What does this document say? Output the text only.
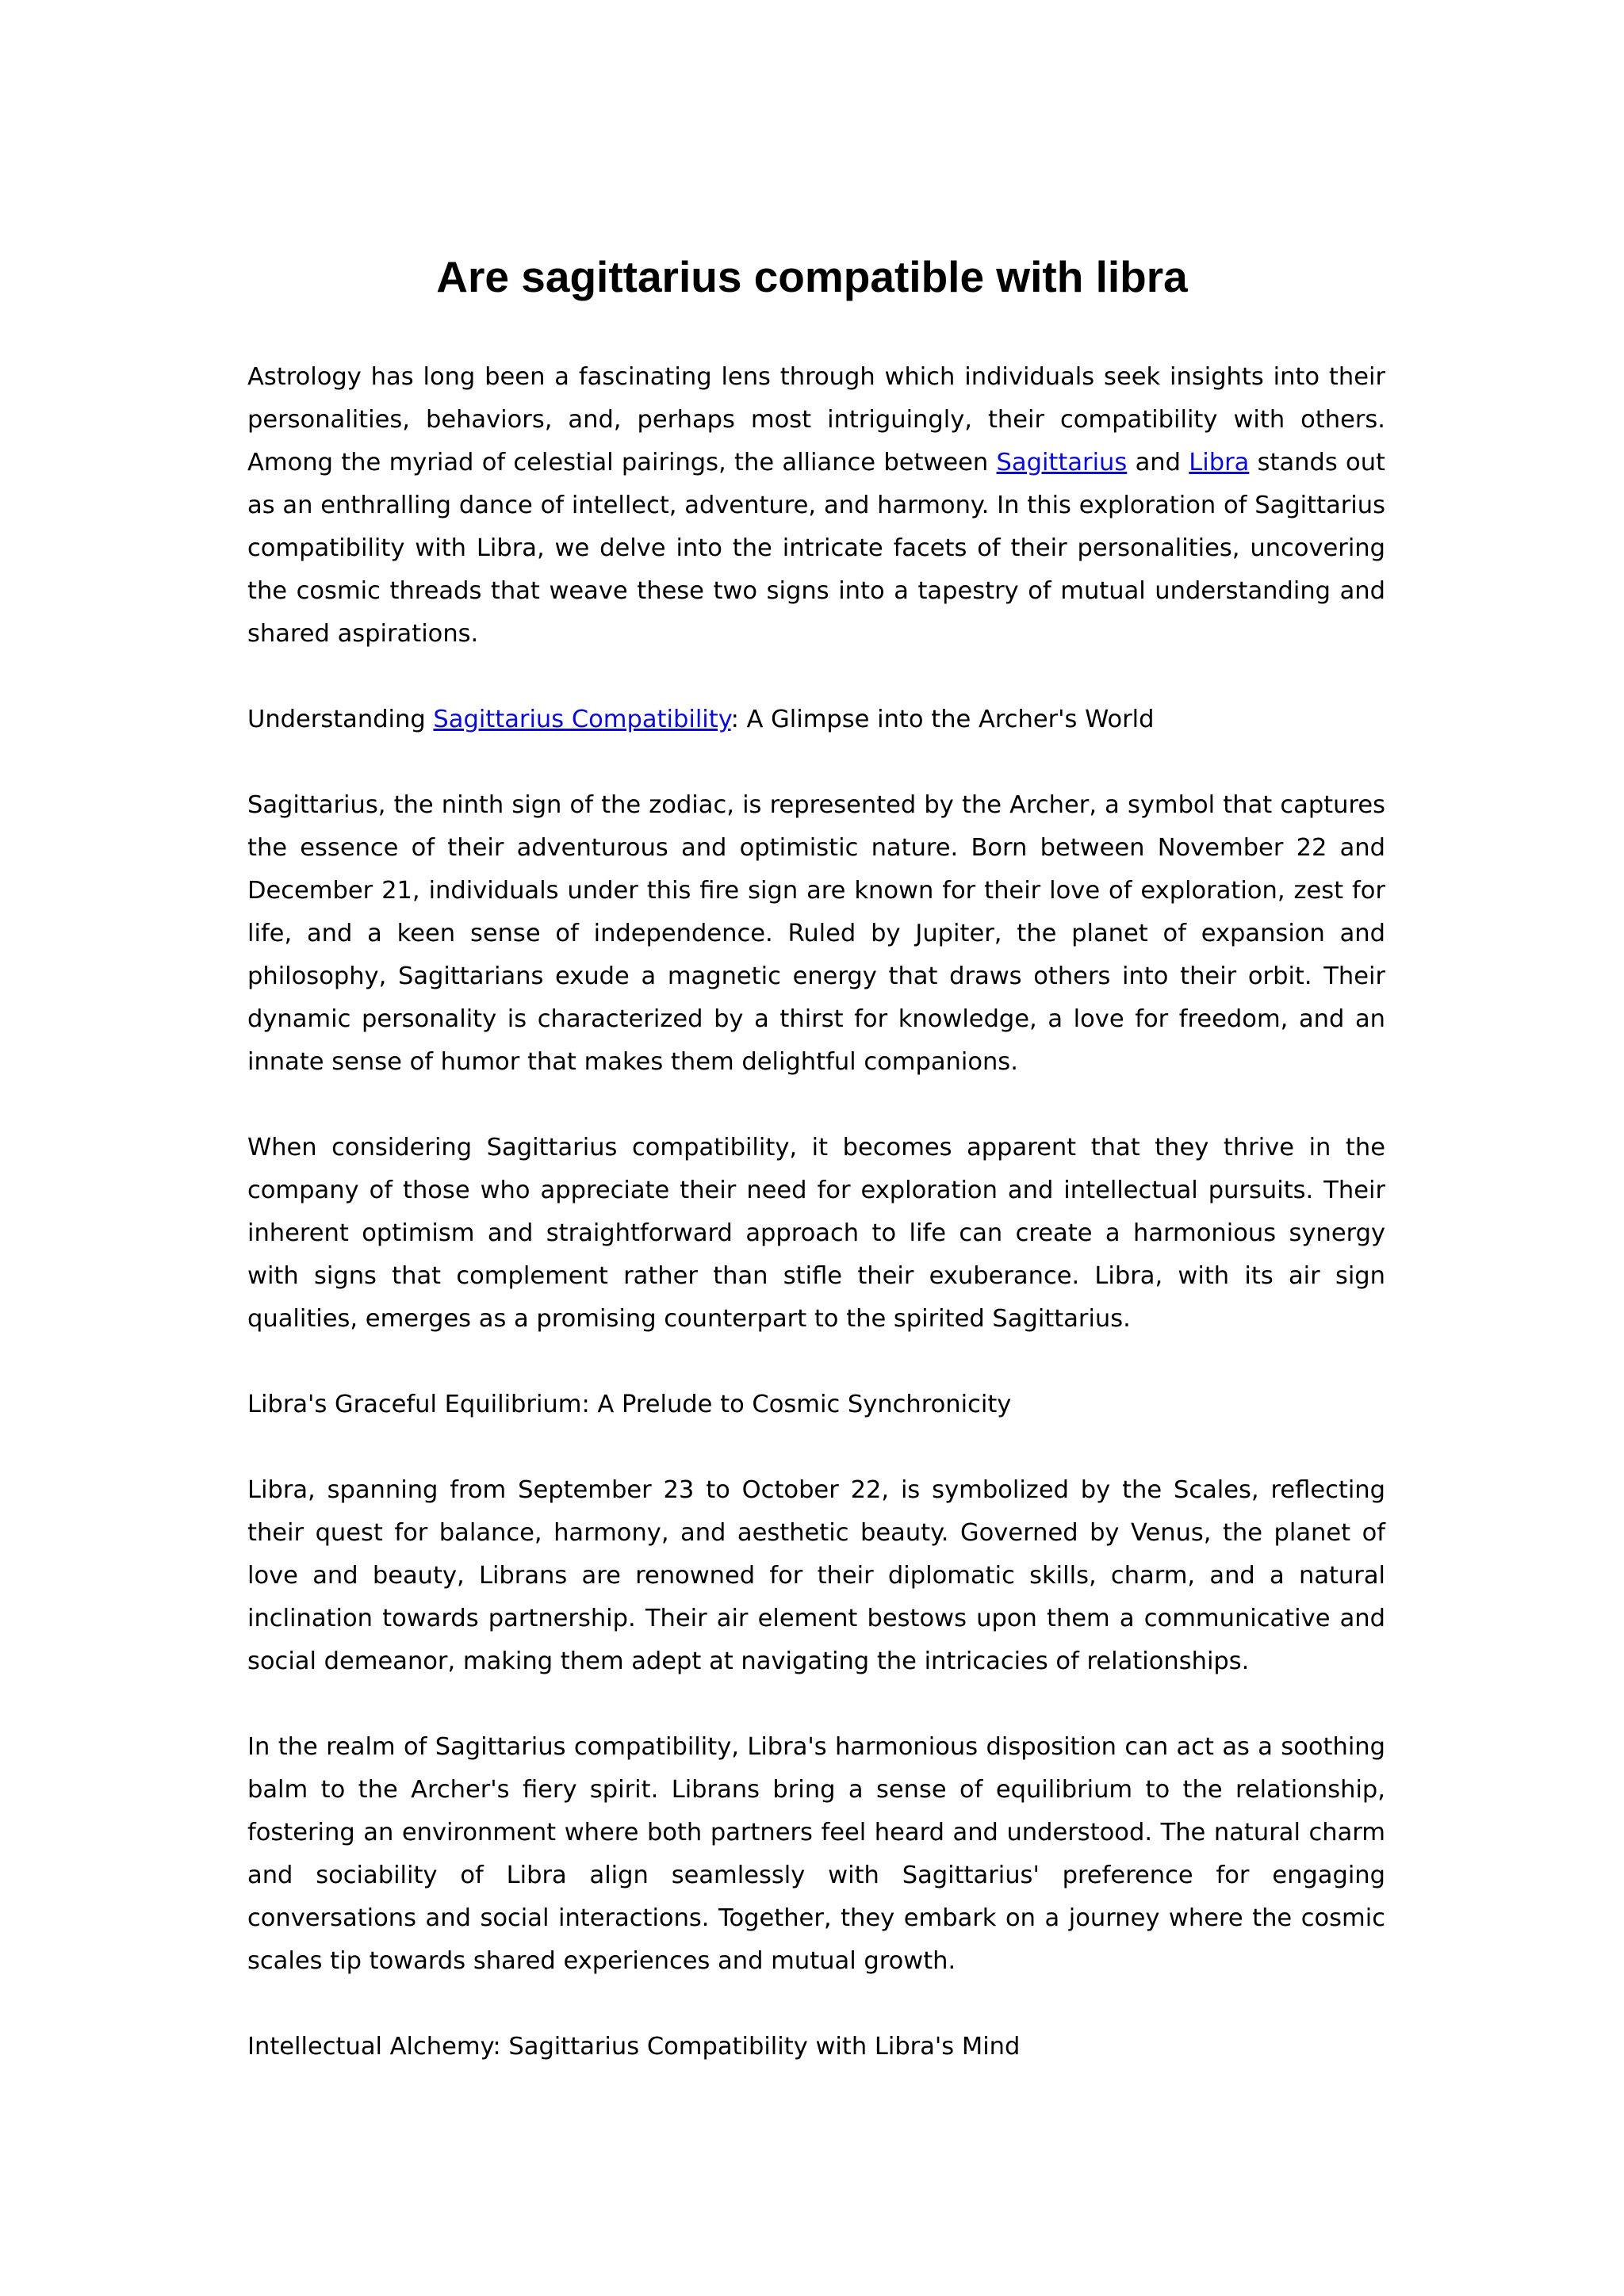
Are sagittarius compatible with libra

Astrology has long been a fascinating lens through which individuals seek insights into their personalities, behaviors, and, perhaps most intriguingly, their compatibility with others. Among the myriad of celestial pairings, the alliance between Sagittarius and Libra stands out as an enthralling dance of intellect, adventure, and harmony. In this exploration of Sagittarius compatibility with Libra, we delve into the intricate facets of their personalities, uncovering the cosmic threads that weave these two signs into a tapestry of mutual understanding and shared aspirations.

Understanding Sagittarius Compatibility: A Glimpse into the Archer's World

Sagittarius, the ninth sign of the zodiac, is represented by the Archer, a symbol that captures the essence of their adventurous and optimistic nature. Born between November 22 and December 21, individuals under this fire sign are known for their love of exploration, zest for life, and a keen sense of independence. Ruled by Jupiter, the planet of expansion and philosophy, Sagittarians exude a magnetic energy that draws others into their orbit. Their dynamic personality is characterized by a thirst for knowledge, a love for freedom, and an innate sense of humor that makes them delightful companions.

When considering Sagittarius compatibility, it becomes apparent that they thrive in the company of those who appreciate their need for exploration and intellectual pursuits. Their inherent optimism and straightforward approach to life can create a harmonious synergy with signs that complement rather than stifle their exuberance. Libra, with its air sign qualities, emerges as a promising counterpart to the spirited Sagittarius.

Libra's Graceful Equilibrium: A Prelude to Cosmic Synchronicity

Libra, spanning from September 23 to October 22, is symbolized by the Scales, reflecting their quest for balance, harmony, and aesthetic beauty. Governed by Venus, the planet of love and beauty, Librans are renowned for their diplomatic skills, charm, and a natural inclination towards partnership. Their air element bestows upon them a communicative and social demeanor, making them adept at navigating the intricacies of relationships.

In the realm of Sagittarius compatibility, Libra's harmonious disposition can act as a soothing balm to the Archer's fiery spirit. Librans bring a sense of equilibrium to the relationship, fostering an environment where both partners feel heard and understood. The natural charm and sociability of Libra align seamlessly with Sagittarius' preference for engaging conversations and social interactions. Together, they embark on a journey where the cosmic scales tip towards shared experiences and mutual growth.

Intellectual Alchemy: Sagittarius Compatibility with Libra's Mind
